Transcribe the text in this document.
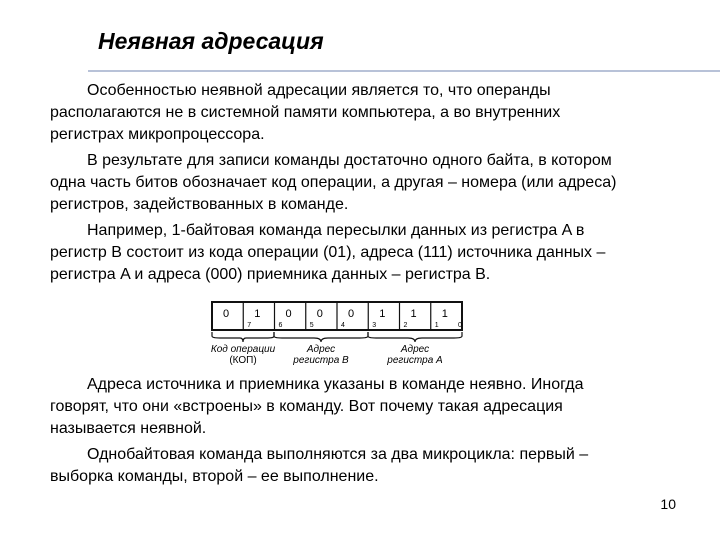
Неявная адресация
Особенностью неявной адресации является то, что операнды
располагаются не в системной памяти компьютера, а во внутренних
регистрах микропроцессора.
В результате для записи команды достаточно одного байта, в котором
одна часть битов обозначает код операции, а другая – номера (или адреса)
регистров, задействованных в команде.
Например, 1-байтовая команда пересылки данных из регистра A в
регистр B состоит из кода операции (01), адреса (111) источника данных –
регистра A и адреса (000) приемника данных – регистра B.
0 1 0 0 0 1 1 1
7	6	5	4	3	2	1	0
Код операции
(КОП)
Адрес
регистра B
Адрес
регистра A
Адреса источника и приемника указаны в команде неявно. Иногда
говорят, что они «встроены» в команду. Вот почему такая адресация
называется неявной.
Однобайтовая команда выполняются за два микроцикла: первый –
выборка команды, второй – ее выполнение.
10
